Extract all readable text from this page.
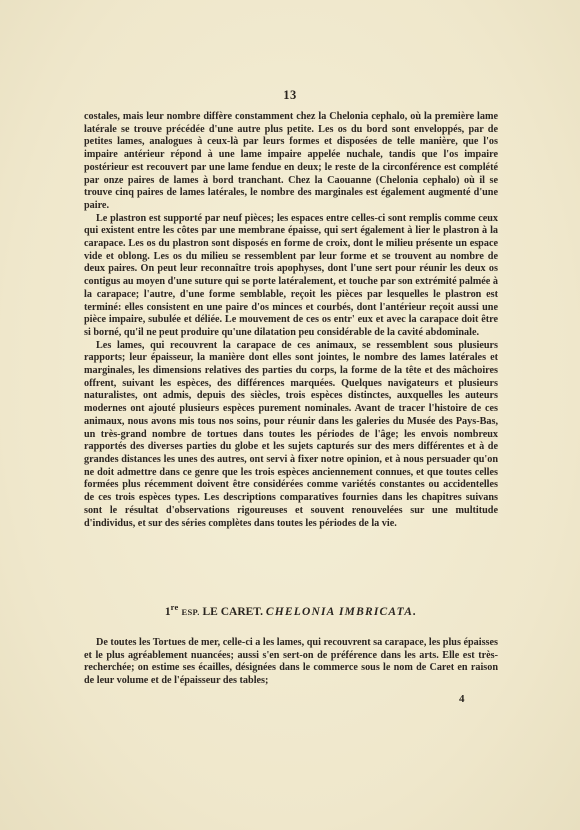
13

costales, mais leur nombre diffère constamment chez la Chelonia cephalo, où la première lame latérale se trouve précédée d'une autre plus petite. Les os du bord sont enveloppés, par de petites lames, analogues à ceux-là par leurs formes et disposées de telle manière, que l'os impaire antérieur répond à une lame impaire appelée nuchale, tandis que l'os impaire postérieur est recouvert par une lame fendue en deux; le reste de la circonférence est complété par onze paires de lames à bord tranchant. Chez la Caouanne (Chelonia cephalo) où il se trouve cinq paires de lames latérales, le nombre des marginales est également augmenté d'une paire.

Le plastron est supporté par neuf pièces; les espaces entre celles-ci sont remplis comme ceux qui existent entre les côtes par une membrane épaisse, qui sert également à lier le plastron à la carapace. Les os du plastron sont disposés en forme de croix, dont le milieu présente un espace vide et oblong. Les os du milieu se ressemblent par leur forme et se trouvent au nombre de deux paires. On peut leur reconnaître trois apophyses, dont l'une sert pour réunir les deux os contigus au moyen d'une suture qui se porte latéralement, et touche par son extrémité palmée à la carapace; l'autre, d'une forme semblable, reçoit les pièces par lesquelles le plastron est terminé: elles consistent en une paire d'os minces et courbés, dont l'antérieur reçoit aussi une pièce impaire, subulée et déliée. Le mouvement de ces os entr' eux et avec la carapace doit être si borné, qu'il ne peut produire qu'une dilatation peu considérable de la cavité abdominale.

Les lames, qui recouvrent la carapace de ces animaux, se ressemblent sous plusieurs rapports; leur épaisseur, la manière dont elles sont jointes, le nombre des lames latérales et marginales, les dimensions relatives des parties du corps, la forme de la tête et des mâchoires offrent, suivant les espèces, des différences marquées. Quelques navigateurs et plusieurs naturalistes, ont admis, depuis des siècles, trois espèces distinctes, auxquelles les auteurs modernes ont ajouté plusieurs espèces purement nominales. Avant de tracer l'histoire de ces animaux, nous avons mis tous nos soins, pour réunir dans les galeries du Musée des Pays-Bas, un très-grand nombre de tortues dans toutes les périodes de l'âge; les envois nombreux rapportés des diverses parties du globe et les sujets capturés sur des mers différentes et à de grandes distances les unes des autres, ont servi à fixer notre opinion, et à nous persuader qu'on ne doit admettre dans ce genre que les trois espèces anciennement connues, et que toutes celles formées plus récemment doivent être considérées comme variétés constantes ou accidentelles de ces trois espèces types. Les descriptions comparatives fournies dans les chapitres suivans sont le résultat d'observations rigoureuses et souvent renouvelées sur une multitude d'individus, et sur des séries complètes dans toutes les périodes de la vie.

1re ESP. LE CARET. CHELONIA IMBRICATA.

De toutes les Tortues de mer, celle-ci a les lames, qui recouvrent sa carapace, les plus épaisses et le plus agréablement nuancées; aussi s'en sert-on de préférence dans les arts. Elle est très-recherchée; on estime ses écailles, désignées dans le commerce sous le nom de Caret en raison de leur volume et de l'épaisseur des tables;

4
